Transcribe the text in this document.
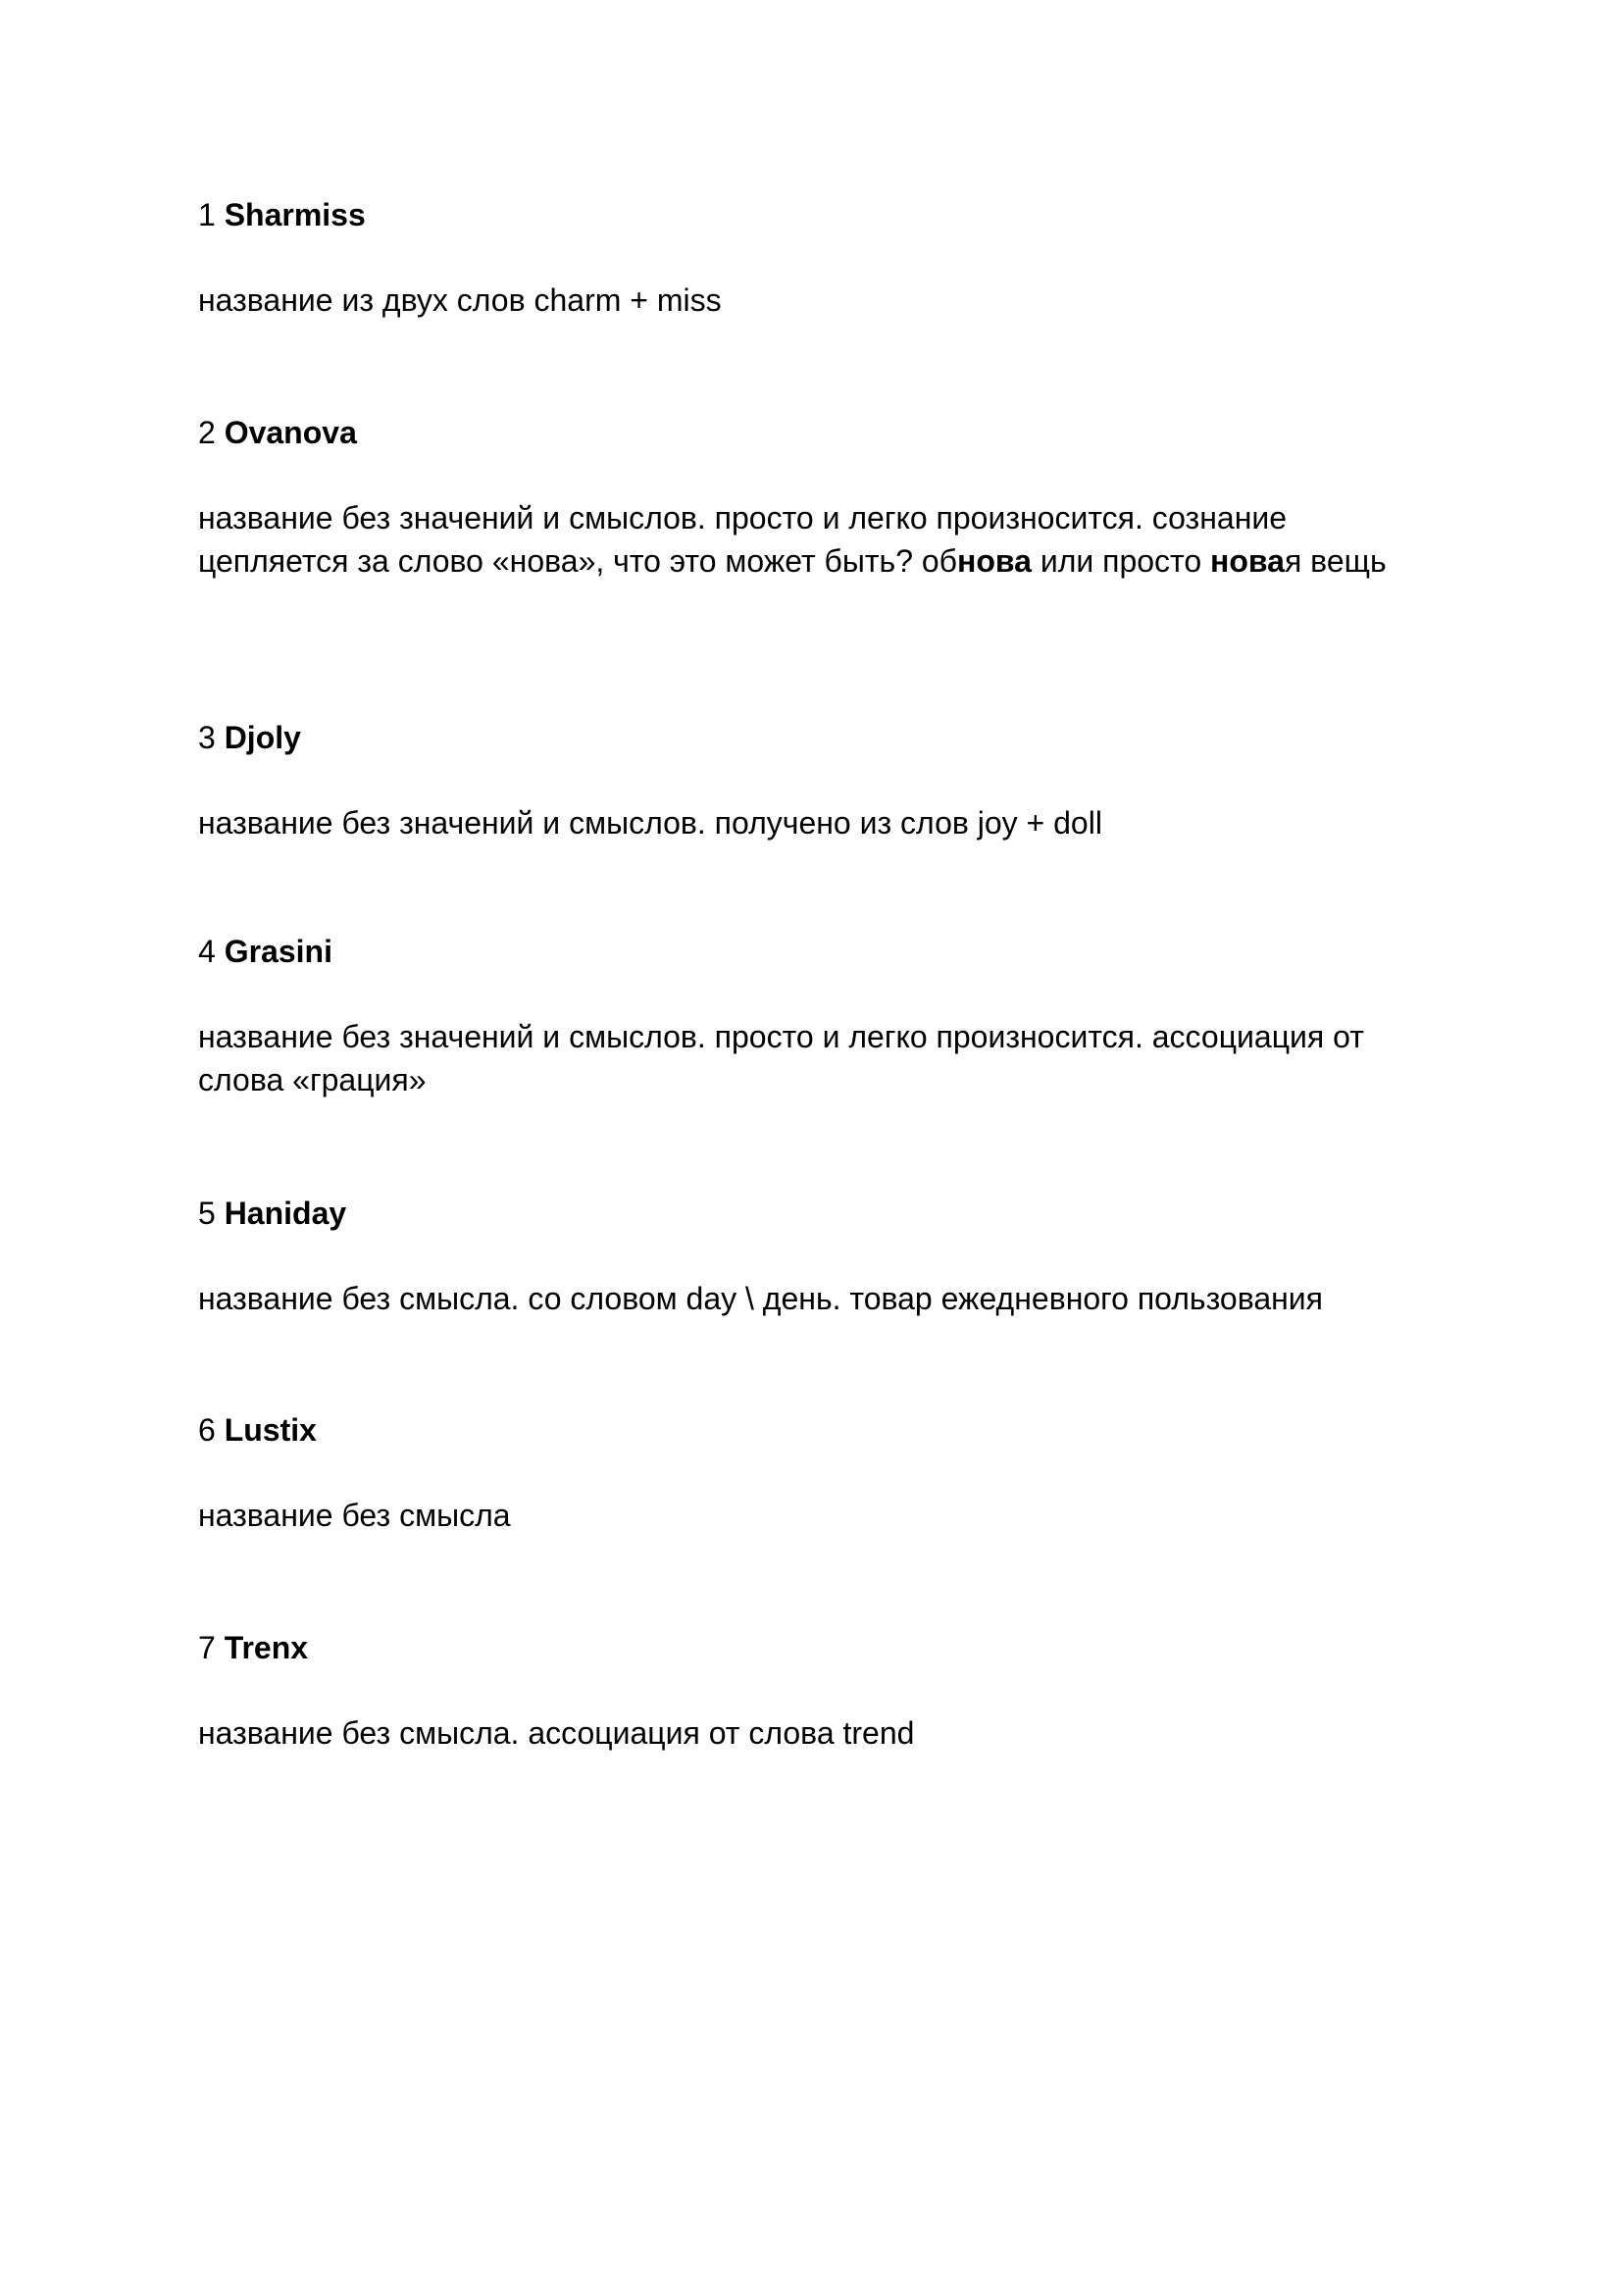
1 Sharmiss

название из двух слов charm + miss

2 Ovanova

название без значений и смыслов. просто и легко произносится. сознание цепляется за слово «нова», что это может быть? обнова или просто новая вещь

3 Djoly

название без значений и смыслов. получено из слов joy + doll

4 Grasini

название без значений и смыслов. просто и легко произносится. ассоциация от слова «грация»

5 Haniday

название без смысла. со словом day \ день. товар ежедневного пользования

6 Lustix

название без смысла

7 Trenx

название без смысла. ассоциация от слова trend
